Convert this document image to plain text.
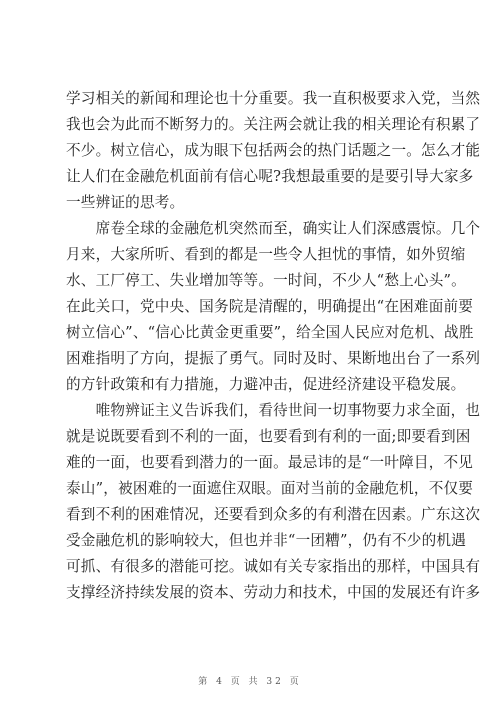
学习相关的新闻和理论也十分重要。我一直积极要求入党，当然
我也会为此而不断努力的。关注两会就让我的相关理论有积累了
不少。树立信心，成为眼下包括两会的热门话题之一。怎么才能
让人们在金融危机面前有信心呢?我想最重要的是要引导大家多
一些辨证的思考。

　　席卷全球的金融危机突然而至，确实让人们深感震惊。几个
月来，大家所听、看到的都是一些令人担忧的事情，如外贸缩
水、工厂停工、失业增加等等。一时间，不少人“愁上心头”。
在此关口，党中央、国务院是清醒的，明确提出“在困难面前要
树立信心”、“信心比黄金更重要”，给全国人民应对危机、战胜
困难指明了方向，提振了勇气。同时及时、果断地出台了一系列
的方针政策和有力措施，力避冲击，促进经济建设平稳发展。

　　唯物辨证主义告诉我们，看待世间一切事物要力求全面，也
就是说既要看到不利的一面，也要看到有利的一面;即要看到困
难的一面，也要看到潜力的一面。最忌讳的是“一叶障目，不见
泰山”，被困难的一面遮住双眼。面对当前的金融危机，不仅要
看到不利的困难情况，还要看到众多的有利潜在因素。广东这次
受金融危机的影响较大，但也并非“一团糟”，仍有不少的机遇
可抓、有很多的潜能可挖。诚如有关专家指出的那样，中国具有
支撑经济持续发展的资本、劳动力和技术，中国的发展还有许多

第 4 页 共 32 页
